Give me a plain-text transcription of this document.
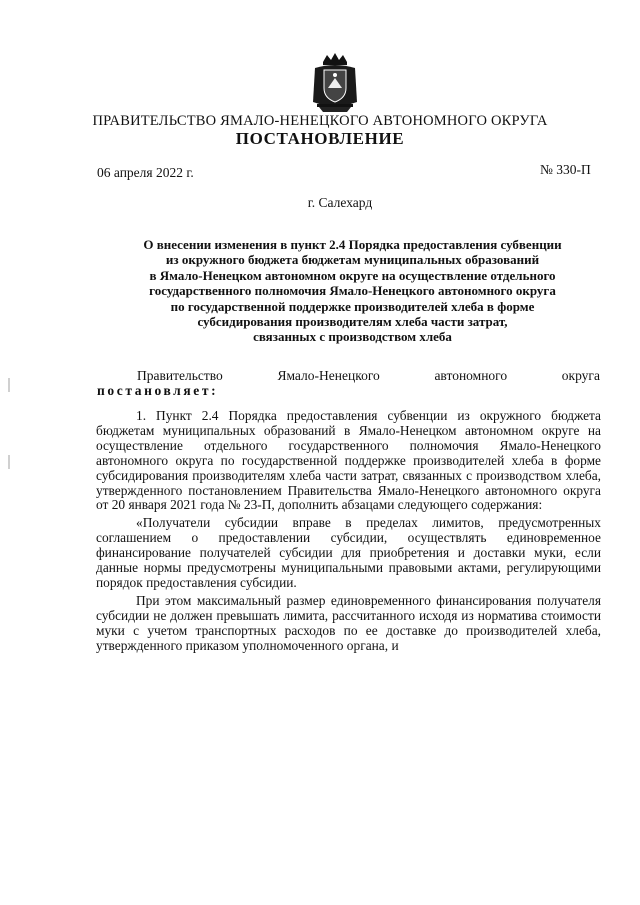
ПРАВИТЕЛЬСТВО ЯМАЛО-НЕНЕЦКОГО АВТОНОМНОГО ОКРУГА
ПОСТАНОВЛЕНИЕ
06 апреля 2022 г.	№ 330-П
г. Салехард
О внесении изменения в пункт 2.4 Порядка предоставления субвенции
из окружного бюджета бюджетам муниципальных образований
в Ямало-Ненецком автономном округе на осуществление отдельного
государственного полномочия Ямало-Ненецкого автономного округа
по государственной поддержке производителей хлеба в форме
субсидирования производителям хлеба части затрат,
связанных с производством хлеба
Правительство	Ямало-Ненецкого	автономного	округа
постановляет:

1. Пункт 2.4 Порядка предоставления субвенции из окружного бюджета бюджетам муниципальных образований в Ямало-Ненецком автономном округе на осуществление отдельного государственного полномочия Ямало-Ненецкого автономного округа по государственной поддержке производителей хлеба в форме субсидирования производителям хлеба части затрат, связанных с производством хлеба, утвержденного постановлением Правительства Ямало-Ненецкого автономного округа от 20 января 2021 года № 23-П, дополнить абзацами следующего содержания:

«Получатели субсидии вправе в пределах лимитов, предусмотренных соглашением о предоставлении субсидии, осуществлять единовременное финансирование получателей субсидии для приобретения и доставки муки, если данные нормы предусмотрены муниципальными правовыми актами, регулирующими порядок предоставления субсидии.

При этом максимальный размер единовременного финансирования получателя субсидии не должен превышать лимита, рассчитанного исходя из норматива стоимости муки с учетом транспортных расходов по ее доставке до производителей хлеба, утвержденного приказом уполномоченного органа, и
